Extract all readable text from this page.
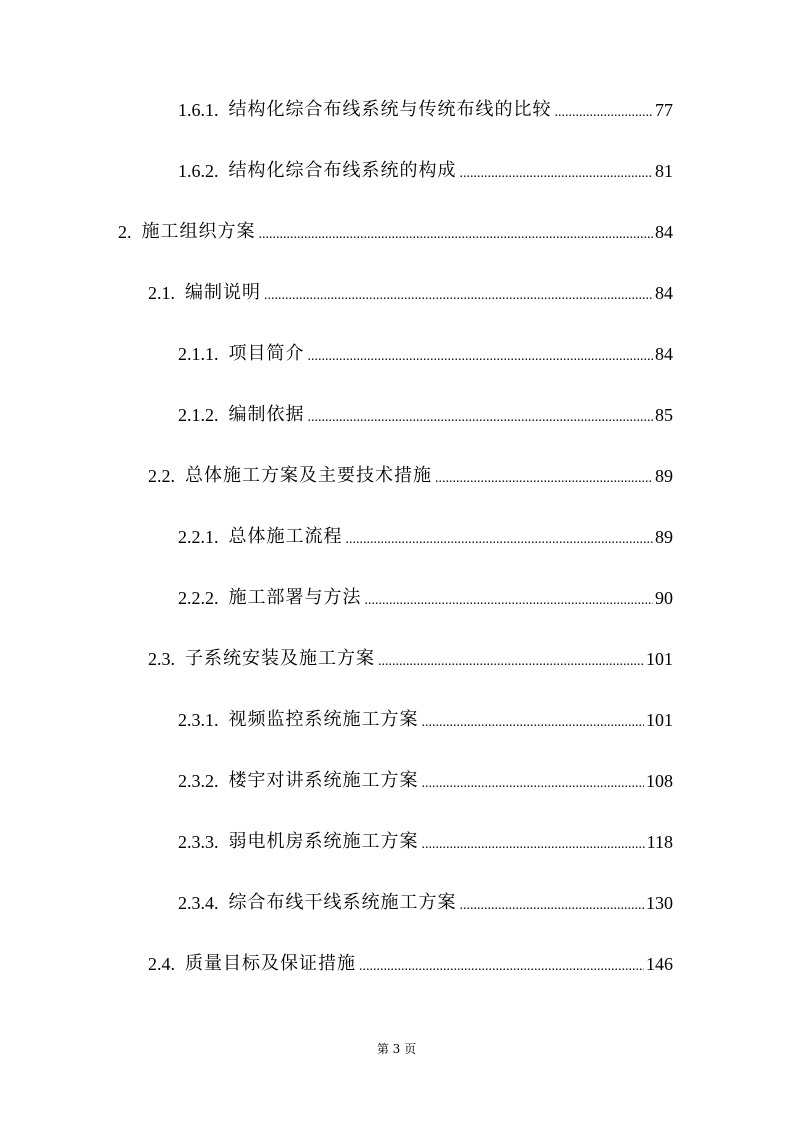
1.6.1. 结构化综合布线系统与传统布线的比较 .....	77
1.6.2. 结构化综合布线系统的构成 .....	81
2. 施工组织方案 .....	84
2.1. 编制说明 .....	84
2.1.1. 项目简介 .....	84
2.1.2. 编制依据 .....	85
2.2. 总体施工方案及主要技术措施 .....	89
2.2.1. 总体施工流程 .....	89
2.2.2. 施工部署与方法 .....	90
2.3. 子系统安装及施工方案 .....	101
2.3.1. 视频监控系统施工方案 .....	101
2.3.2. 楼宇对讲系统施工方案 .....	108
2.3.3. 弱电机房系统施工方案 .....	118
2.3.4. 综合布线干线系统施工方案 .....	130
2.4. 质量目标及保证措施 .....	146
第 3 页
